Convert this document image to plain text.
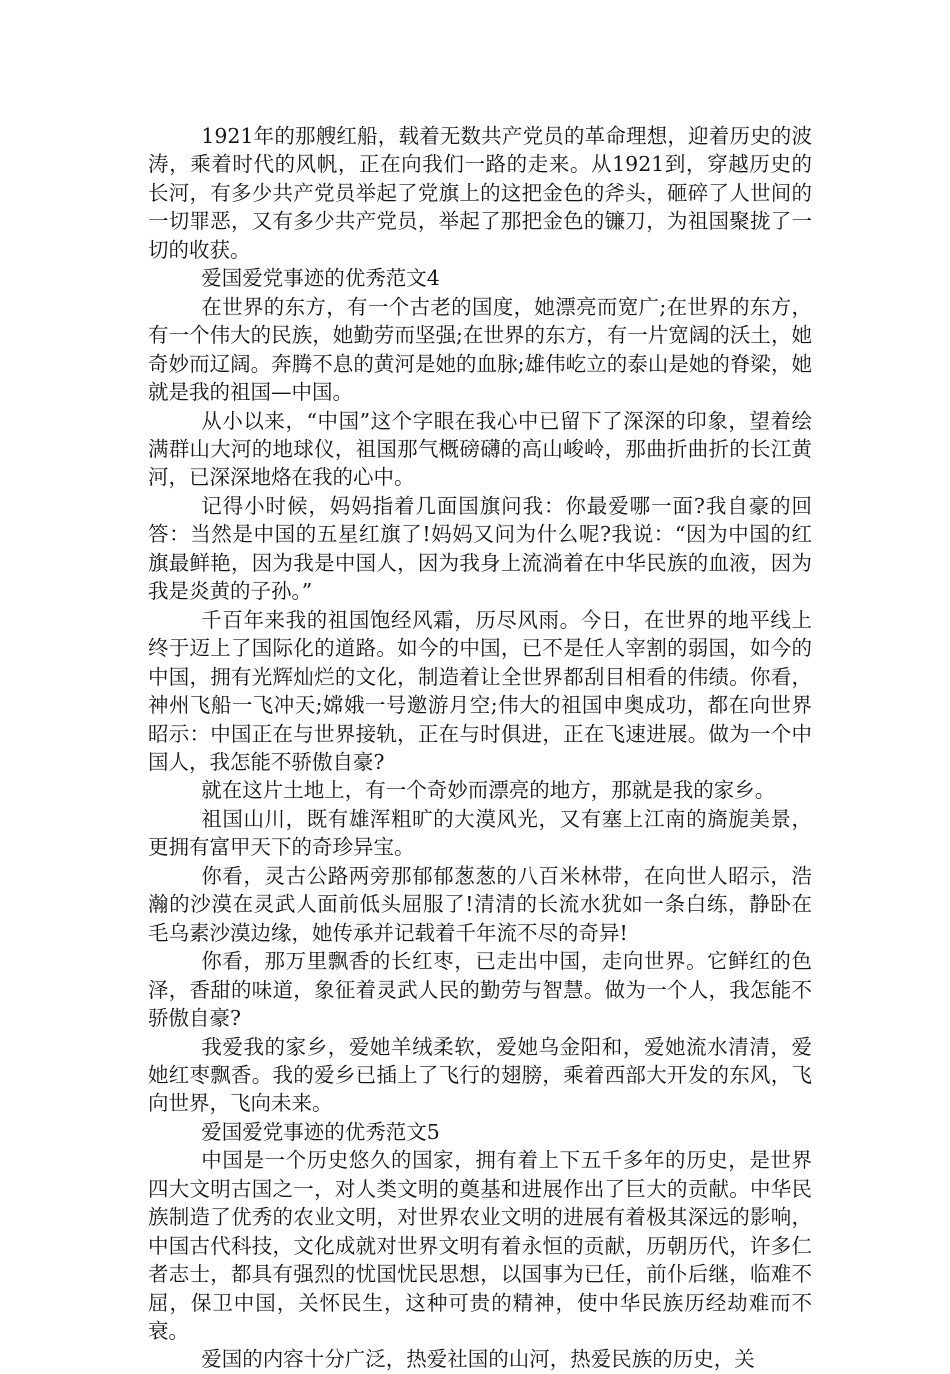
1921年的那艘红船，载着无数共产党员的革命理想，迎着历史的波涛，乘着时代的风帆，正在向我们一路的走来。从1921到，穿越历史的长河，有多少共产党员举起了党旗上的这把金色的斧头，砸碎了人世间的一切罪恶，又有多少共产党员，举起了那把金色的镰刀，为祖国聚拢了一切的收获。

爱国爱党事迹的优秀范文4

在世界的东方，有一个古老的国度，她漂亮而宽广;在世界的东方，有一个伟大的民族，她勤劳而坚强;在世界的东方，有一片宽阔的沃土，她奇妙而辽阔。奔腾不息的黄河是她的血脉;雄伟屹立的泰山是她的脊梁，她就是我的祖国—中国。

从小以来，“中国”这个字眼在我心中已留下了深深的印象，望着绘满群山大河的地球仪，祖国那气概磅礴的高山峻岭，那曲折曲折的长江黄河，已深深地烙在我的心中。

记得小时候，妈妈指着几面国旗问我：你最爱哪一面?我自豪的回答：当然是中国的五星红旗了!妈妈又问为什么呢?我说：“因为中国的红旗最鲜艳，因为我是中国人，因为我身上流淌着在中华民族的血液，因为我是炎黄的子孙。”

千百年来我的祖国饱经风霜，历尽风雨。今日，在世界的地平线上终于迈上了国际化的道路。如今的中国，已不是任人宰割的弱国，如今的中国，拥有光辉灿烂的文化，制造着让全世界都刮目相看的伟绩。你看，神州飞船一飞冲天;嫦娥一号邀游月空;伟大的祖国申奥成功，都在向世界昭示：中国正在与世界接轨，正在与时俱进，正在飞速进展。做为一个中国人，我怎能不骄傲自豪?

就在这片土地上，有一个奇妙而漂亮的地方，那就是我的家乡。

祖国山川，既有雄浑粗旷的大漠风光，又有塞上江南的旖旎美景，更拥有富甲天下的奇珍异宝。

你看，灵古公路两旁那郁郁葱葱的八百米林带，在向世人昭示，浩瀚的沙漠在灵武人面前低头屈服了!清清的长流水犹如一条白练，静卧在毛乌素沙漠边缘，她传承并记载着千年流不尽的奇异!

你看，那万里飘香的长红枣，已走出中国，走向世界。它鲜红的色泽，香甜的味道，象征着灵武人民的勤劳与智慧。做为一个人，我怎能不骄傲自豪?

我爱我的家乡，爱她羊绒柔软，爱她乌金阳和，爱她流水清清，爱她红枣飘香。我的爱乡已插上了飞行的翅膀，乘着西部大开发的东风，飞向世界，飞向未来。

爱国爱党事迹的优秀范文5

中国是一个历史悠久的国家，拥有着上下五千多年的历史，是世界四大文明古国之一，对人类文明的奠基和进展作出了巨大的贡献。中华民族制造了优秀的农业文明，对世界农业文明的进展有着极其深远的影响，中国古代科技，文化成就对世界文明有着永恒的贡献，历朝历代，许多仁者志士，都具有强烈的忧国忧民思想，以国事为已任，前仆后继，临难不屈，保卫中国，关怀民生，这种可贵的精神，使中华民族历经劫难而不衰。

爱国的内容十分广泛，热爱社国的山河，热爱民族的历史，关
